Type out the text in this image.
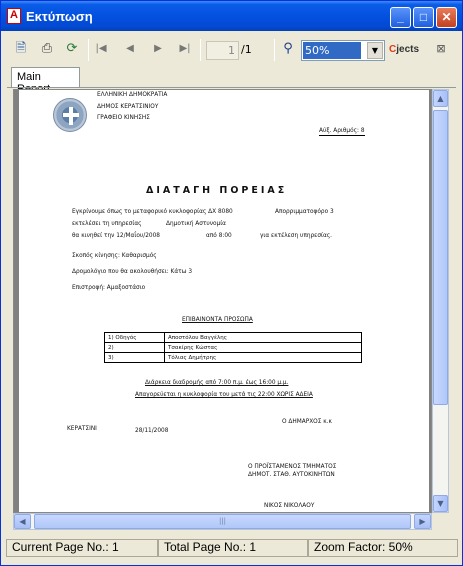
A Εκτύπωση	_	□	✕
🗎 ⎙ ⟳	|◀	◀	▶	▶|	1 /1	⚲	50%	▼	Cjects ⊠
Main
ΕΛΛΗΝΙΚΗ ΔΗΜΟΚΡΑΤΙΑ
ΔΗΜΟΣ ΚΕΡΑΤΣΙΝΙΟΥ
ΓΡΑΦΕΙΟ ΚΙΝΗΣΗΣ
Αύξ. Αριθμός: 8
ΔΙΑΤΑΓΗ ΠΟΡΕΙΑΣ
Εγκρίνουμε όπως το μεταφορικό κυκλοφορίας ΔΧ 8080	Απορριμματοφόρο 3
εκτελέσει τη υπηρεσίας	Δημοτική Αστυνομία
θα κινηθεί την 12/Μαΐου/2008	από 8:00	για εκτέλεση υπηρεσίας.
Σκοπός κίνησης: Καθαρισμός
Δρομολόγιο που θα ακολουθήσει: Κάτω 3
Επιστροφή: Αμαξοστάσιο
ΕΠΙΒΑΙΝΟΝΤΑ ΠΡΟΣΩΠΑ
1) Οδηγός	Αποστόλου Βαγγέλης
2)	Τσακίρης Κώστας
3)	Τόλιας Δημήτρης
Διάρκεια διαδρομής από 7:00 π.μ. έως 16:00 μ.μ.
Απαγορεύεται η κυκλοφορία του μετά τις 22:00 ΧΩΡΙΣ ΑΔΕΙΑ
Ο ΔΗΜΑΡΧΟΣ κ.κ
ΚΕΡΑΤΣΙΝΙ	28/11/2008
Ο ΠΡΟΪΣΤΑΜΕΝΟΣ ΤΜΗΜΑΤΟΣ
ΔΗΜΟΤ. ΣΤΑΘ. ΑΥΤΟΚΙΝΗΤΩΝ
ΝΙΚΟΣ ΝΙΚΟΛΑΟΥ
▲
▼
◀	|||	▶
Current Page No.: 1	Total Page No.: 1	Zoom Factor: 50%
